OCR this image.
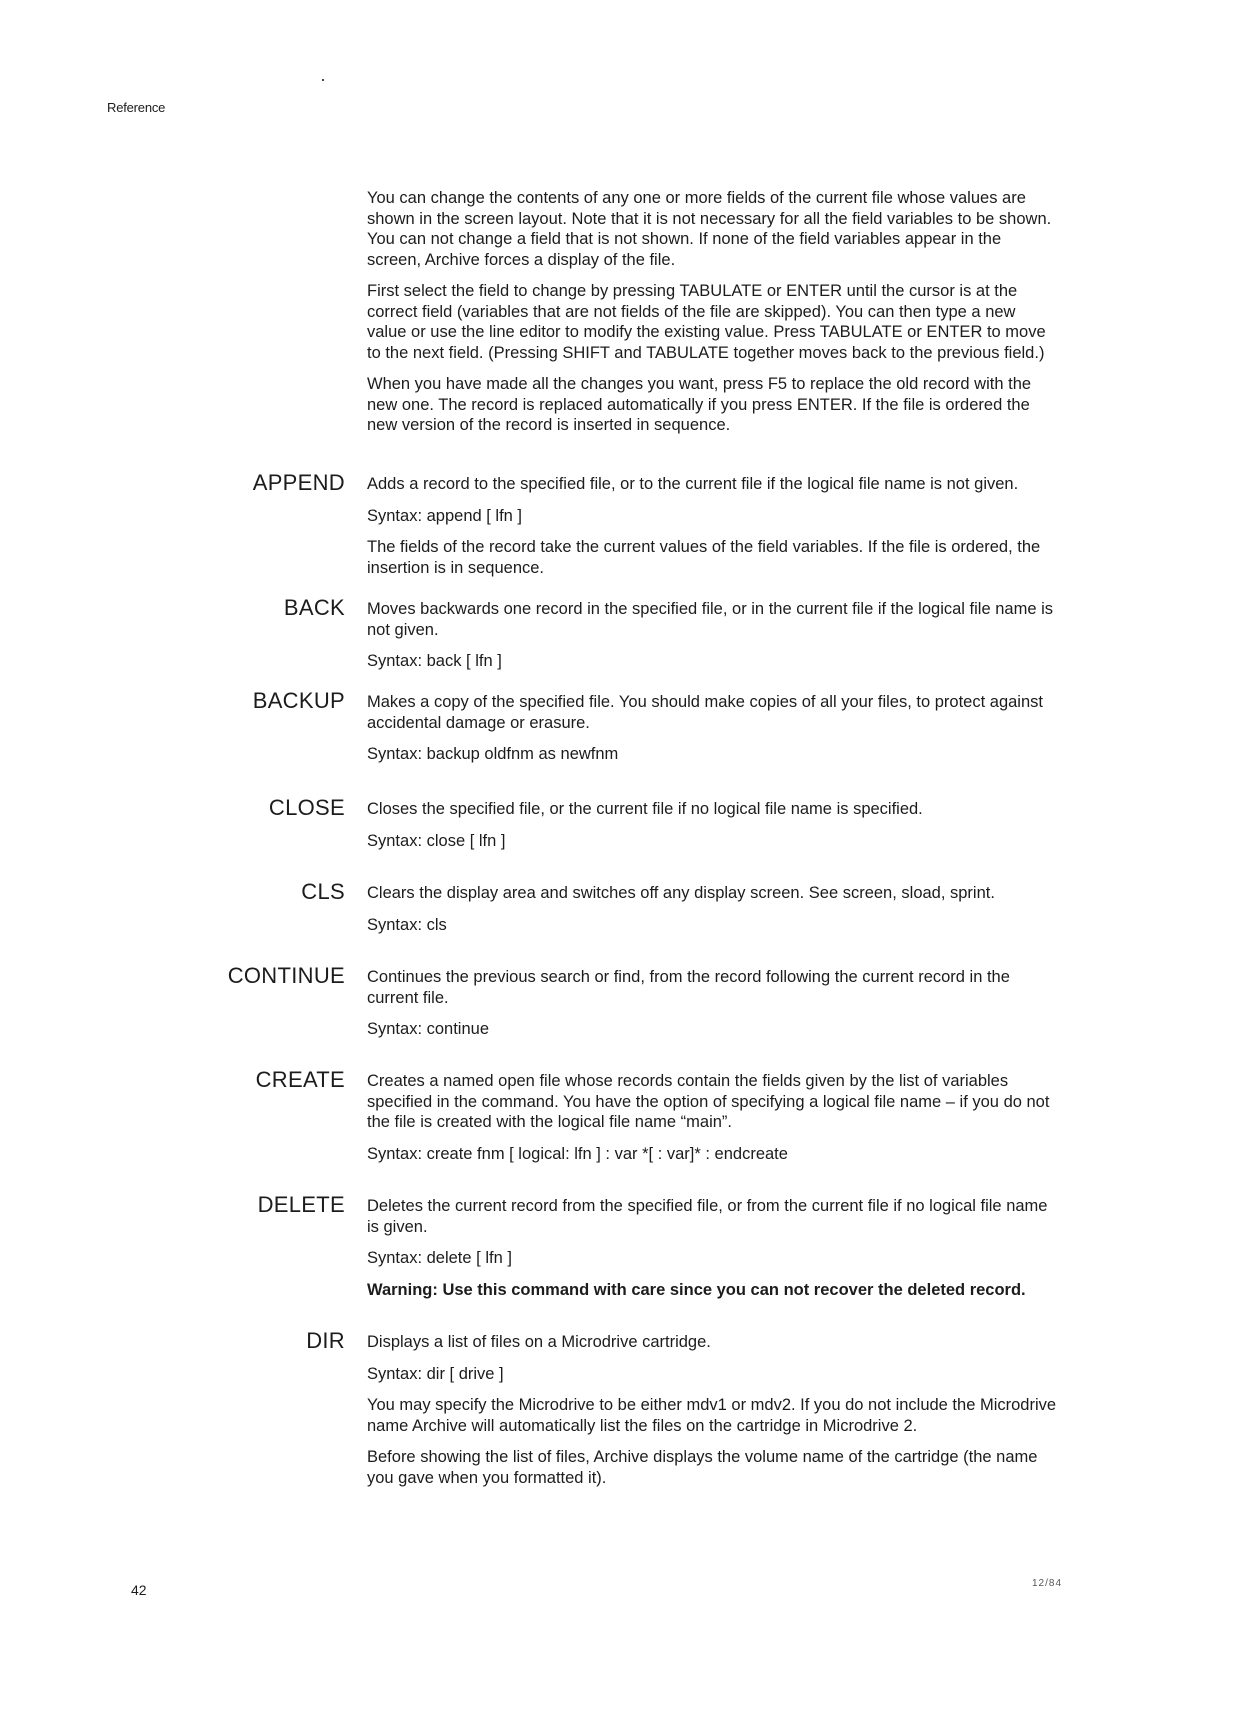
Reference

You can change the contents of any one or more fields of the current file whose values are shown in the screen layout. Note that it is not necessary for all the field variables to be shown. You can not change a field that is not shown. If none of the field variables appear in the screen, Archive forces a display of the file.

First select the field to change by pressing TABULATE or ENTER until the cursor is at the correct field (variables that are not fields of the file are skipped). You can then type a new value or use the line editor to modify the existing value. Press TABULATE or ENTER to move to the next field. (Pressing SHIFT and TABULATE together moves back to the previous field.)

When you have made all the changes you want, press F5 to replace the old record with the new one. The record is replaced automatically if you press ENTER. If the file is ordered the new version of the record is inserted in sequence.

APPEND Adds a record to the specified file, or to the current file if the logical file name is not given.

Syntax: append [ lfn ]

The fields of the record take the current values of the field variables. If the file is ordered, the insertion is in sequence.

BACK Moves backwards one record in the specified file, or in the current file if the logical file name is not given.

Syntax: back [ lfn ]

BACKUP Makes a copy of the specified file. You should make copies of all your files, to protect against accidental damage or erasure.

Syntax: backup oldfnm as newfnm

CLOSE Closes the specified file, or the current file if no logical file name is specified.

Syntax: close [ lfn ]

CLS Clears the display area and switches off any display screen. See screen, sload, sprint.

Syntax: cls

CONTINUE Continues the previous search or find, from the record following the current record in the current file.

Syntax: continue

CREATE Creates a named open file whose records contain the fields given by the list of variables specified in the command. You have the option of specifying a logical file name – if you do not the file is created with the logical file name “main”.

Syntax: create fnm [ logical: lfn ] : var *[ : var]* : endcreate

DELETE Deletes the current record from the specified file, or from the current file if no logical file name is given.

Syntax: delete [ lfn ]

Warning: Use this command with care since you can not recover the deleted record.

DIR Displays a list of files on a Microdrive cartridge.

Syntax: dir [ drive ]

You may specify the Microdrive to be either mdv1 or mdv2. If you do not include the Microdrive name Archive will automatically list the files on the cartridge in Microdrive 2.

Before showing the list of files, Archive displays the volume name of the cartridge (the name you gave when you formatted it).

42	12/84
